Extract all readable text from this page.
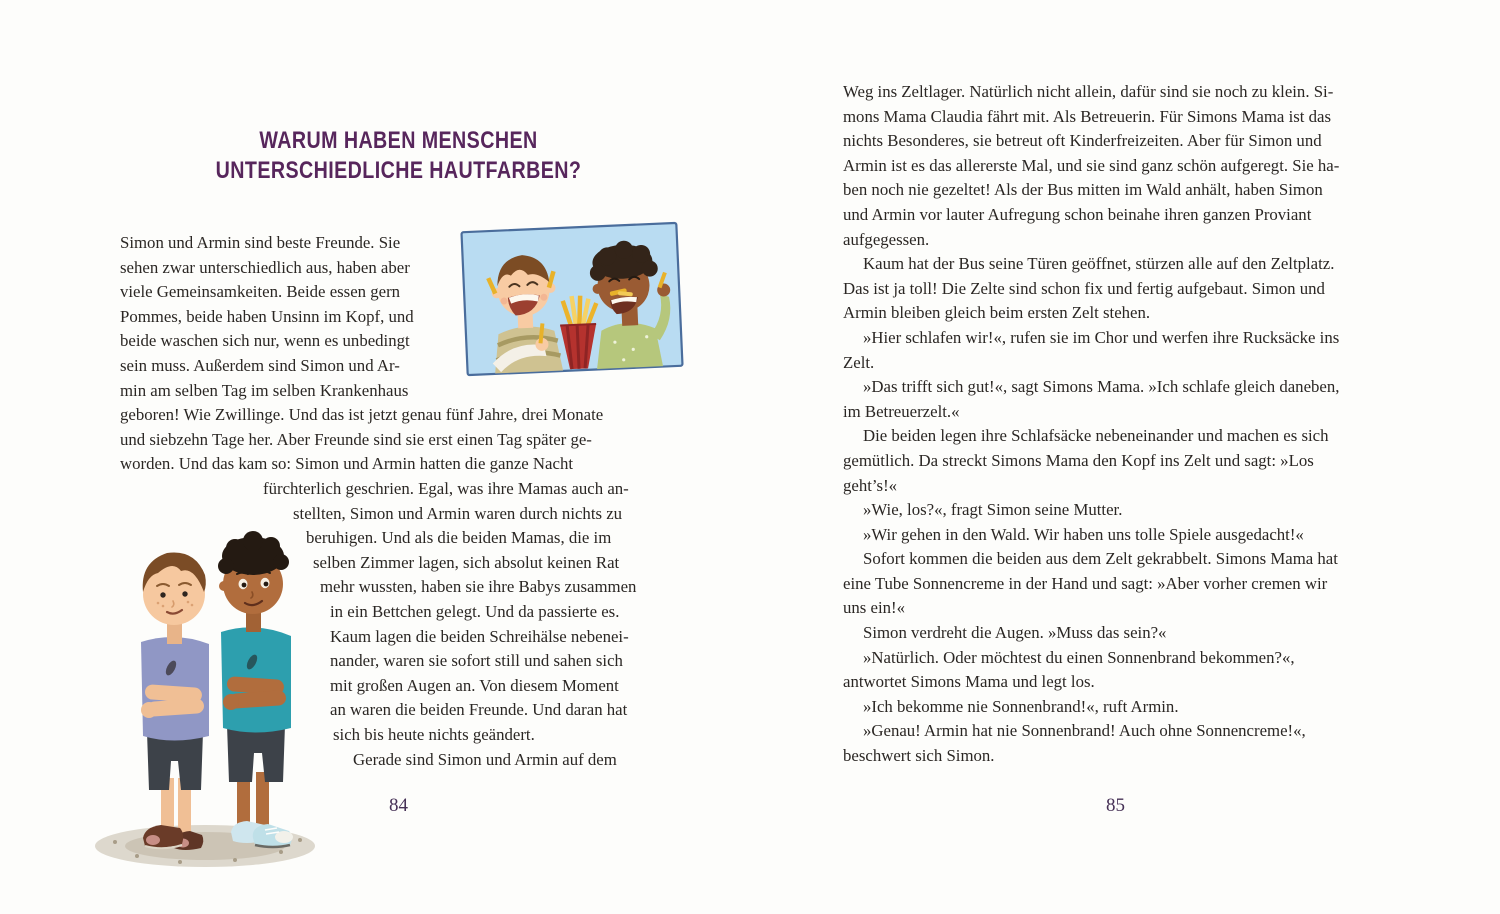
WARUM HABEN MENSCHEN
UNTERSCHIEDLICHE HAUTFARBEN?
Simon und Armin sind beste Freunde. Sie
sehen zwar unterschiedlich aus, haben aber
viele Gemeinsamkeiten. Beide essen gern
Pommes, beide haben Unsinn im Kopf, und
beide waschen sich nur, wenn es unbedingt
sein muss. Außerdem sind Simon und Ar-
min am selben Tag im selben Krankenhaus
geboren! Wie Zwillinge. Und das ist jetzt genau fünf Jahre, drei Monate
und siebzehn Tage her. Aber Freunde sind sie erst einen Tag später ge-
worden. Und das kam so: Simon und Armin hatten die ganze Nacht
fürchterlich geschrien. Egal, was ihre Mamas auch an-
stellten, Simon und Armin waren durch nichts zu
beruhigen. Und als die beiden Mamas, die im
selben Zimmer lagen, sich absolut keinen Rat
mehr wussten, haben sie ihre Babys zusammen
in ein Bettchen gelegt. Und da passierte es.
Kaum lagen die beiden Schreihälse nebenei-
nander, waren sie sofort still und sahen sich
mit großen Augen an. Von diesem Moment
an waren die beiden Freunde. Und daran hat
sich bis heute nichts geändert.
Gerade sind Simon und Armin auf dem
84
Weg ins Zeltlager. Natürlich nicht allein, dafür sind sie noch zu klein. Si-
mons Mama Claudia fährt mit. Als Betreuerin. Für Simons Mama ist das
nichts Besonderes, sie betreut oft Kinderfreizeiten. Aber für Simon und
Armin ist es das allererste Mal, und sie sind ganz schön aufgeregt. Sie ha-
ben noch nie gezeltet! Als der Bus mitten im Wald anhält, haben Simon
und Armin vor lauter Aufregung schon beinahe ihren ganzen Proviant
aufgegessen.
Kaum hat der Bus seine Türen geöffnet, stürzen alle auf den Zeltplatz.
Das ist ja toll! Die Zelte sind schon fix und fertig aufgebaut. Simon und
Armin bleiben gleich beim ersten Zelt stehen.
»Hier schlafen wir!«, rufen sie im Chor und werfen ihre Rucksäcke ins
Zelt.
»Das trifft sich gut!«, sagt Simons Mama. »Ich schlafe gleich daneben,
im Betreuerzelt.«
Die beiden legen ihre Schlafsäcke nebeneinander und machen es sich
gemütlich. Da streckt Simons Mama den Kopf ins Zelt und sagt: »Los
geht’s!«
»Wie, los?«, fragt Simon seine Mutter.
»Wir gehen in den Wald. Wir haben uns tolle Spiele ausgedacht!«
Sofort kommen die beiden aus dem Zelt gekrabbelt. Simons Mama hat
eine Tube Sonnencreme in der Hand und sagt: »Aber vorher cremen wir
uns ein!«
Simon verdreht die Augen. »Muss das sein?«
»Natürlich. Oder möchtest du einen Sonnenbrand bekommen?«,
antwortet Simons Mama und legt los.
»Ich bekomme nie Sonnenbrand!«, ruft Armin.
»Genau! Armin hat nie Sonnenbrand! Auch ohne Sonnencreme!«,
beschwert sich Simon.
85
